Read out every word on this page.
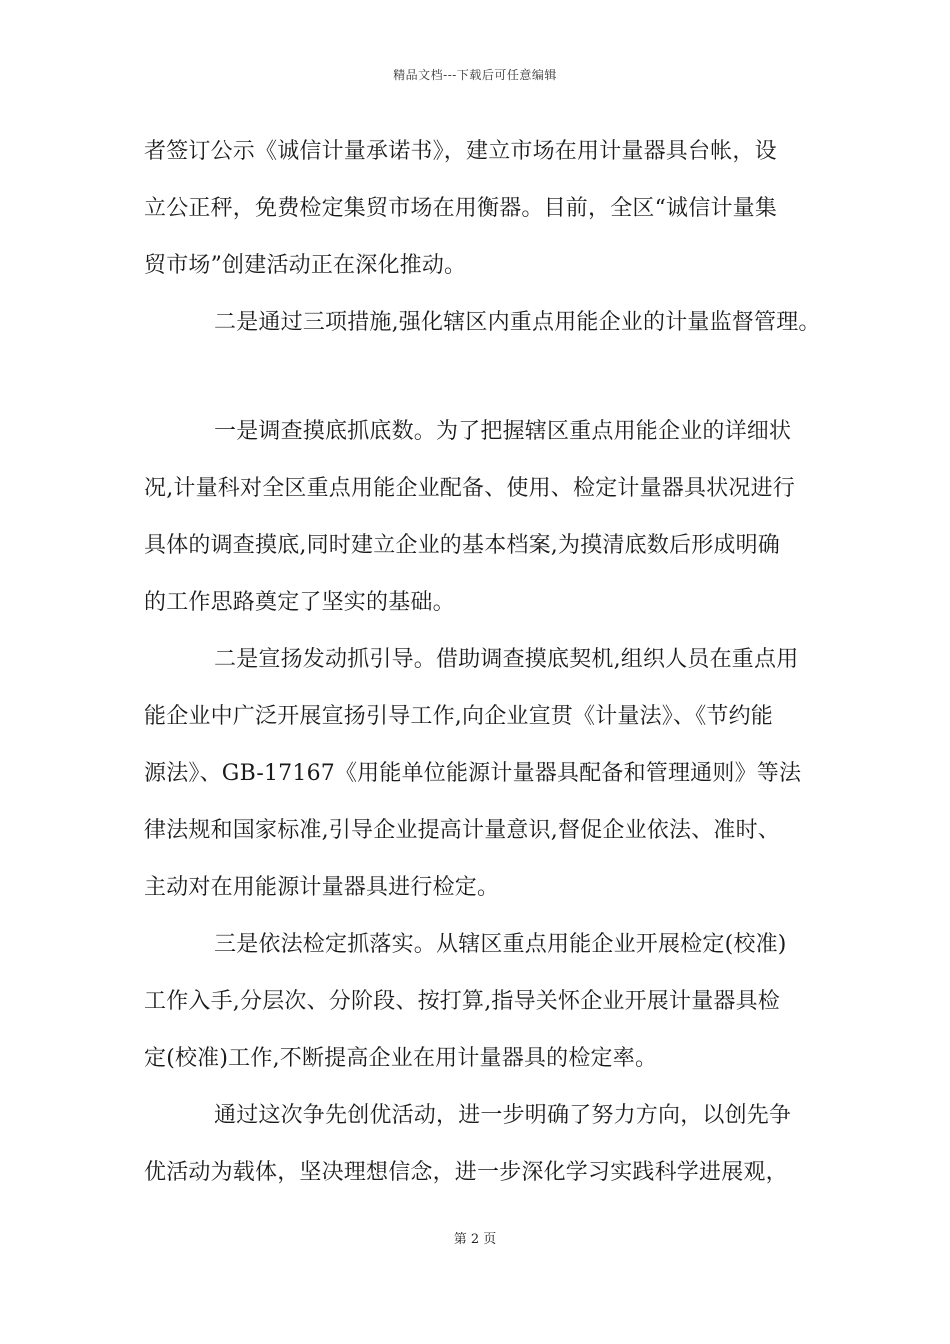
精品文档---下载后可任意编辑
者签订公示《诚信计量承诺书》，建立市场在用计量器具台帐，设
立公正秤，免费检定集贸市场在用衡器。目前，全区“诚信计量集
贸市场”创建活动正在深化推动。
二是通过三项措施,强化辖区内重点用能企业的计量监督管理。
一是调查摸底抓底数。为了把握辖区重点用能企业的详细状
况,计量科对全区重点用能企业配备、使用、检定计量器具状况进行
具体的调查摸底,同时建立企业的基本档案,为摸清底数后形成明确
的工作思路奠定了坚实的基础。
二是宣扬发动抓引导。借助调查摸底契机,组织人员在重点用
能企业中广泛开展宣扬引导工作,向企业宣贯《计量法》、《节约能
源法》、GB-17167《用能单位能源计量器具配备和管理通则》等法
律法规和国家标准,引导企业提高计量意识,督促企业依法、准时、
主动对在用能源计量器具进行检定。
三是依法检定抓落实。从辖区重点用能企业开展检定(校准)
工作入手,分层次、分阶段、按打算,指导关怀企业开展计量器具检
定(校准)工作,不断提高企业在用计量器具的检定率。
通过这次争先创优活动，进一步明确了努力方向，以创先争
优活动为载体，坚决理想信念，进一步深化学习实践科学进展观，
第 2 页
